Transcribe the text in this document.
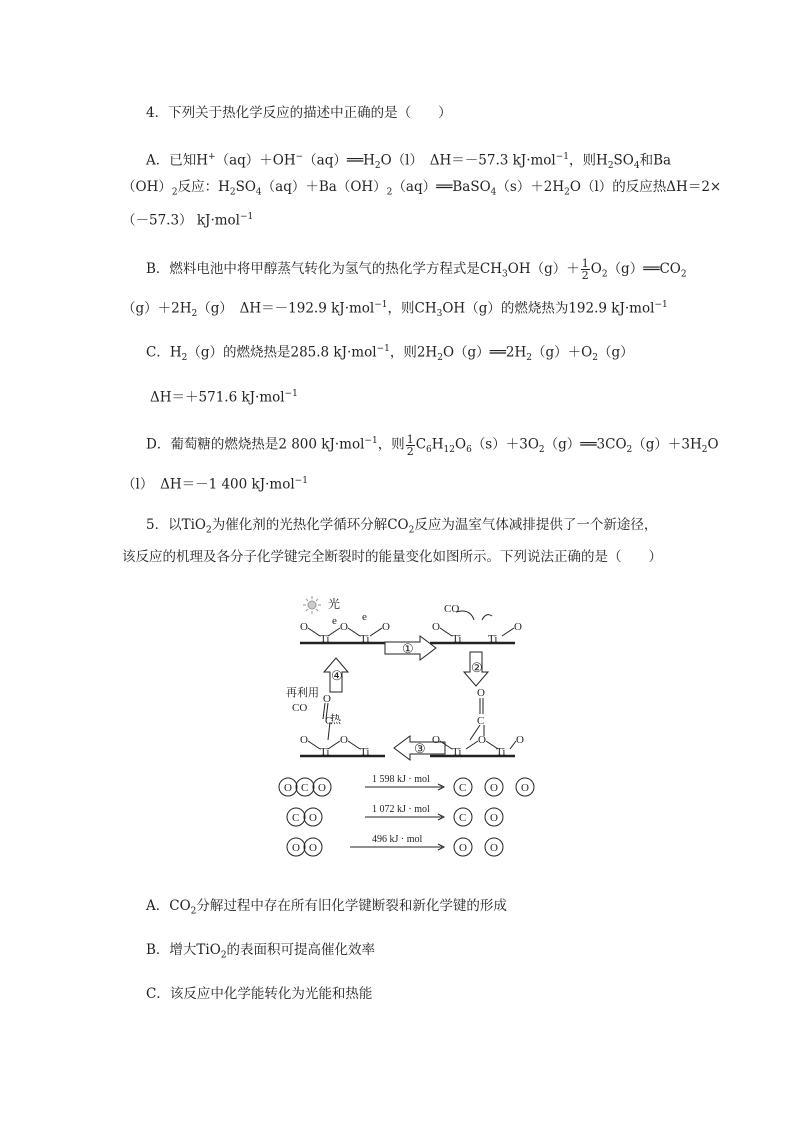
4．下列关于热化学反应的描述中正确的是（　　）
A．已知$H^+(aq)+OH^-(aq)══H_2O(l)$　ΔH＝－57.3 kJ·mol$^{-1}$，则$H_2SO_4$和Ba
$(OH)_2$反应：$H_2SO_4(aq)+Ba(OH)_2(aq)══BaSO_4(s)+2H_2O(l)$的反应热ΔH＝2×
（－57.3） kJ·mol$^{-1}$
B．燃料电池中将甲醇蒸气转化为氢气的热化学方程式是$CH_3OH(g)+ \frac{1}{2}$ $O_2(g)══CO_2$
$(g)+2H_2(g)$　ΔH＝－192.9 kJ·mol$^{-1}$，则$CH_3OH(g)$的燃烧热为192.9 kJ·mol$^{-1}$
C．$H_2(g)$的燃烧热是285.8 kJ·mol$^{-1}$，则$2H_2O(g)══2H_2(g)+O_2(g)$
ΔH＝＋571.6 kJ·mol$^{-1}$
D．葡萄糖的燃烧热是2 800 kJ·mol$^{-1}$，则 $\frac{1}{2}$ $C_6H_{12}O_6(s)+3O_2(g)══3CO_2(g)+3H_2O$
（l）　ΔH＝－1 400 kJ·mol$^{-1}$
5．以TiO$_2$为催化剂的光热化学循环分解$CO_2$反应为温室气体减排提供了一个新途径，
该反应的机理及各分子化学键完全断裂时的能量变化如图所示。下列说法正确的是（　　）
光
再利用
热
CO
CO
e e
O
Ti
O
Ti
O	O
Ti Ti
O
O
C
O
Ti
O
Ti
O
O
Ti
O
Ti
C
O
①
②
③
④
O C O	C O O
C O	C O
O O	O O
1 598 kJ · mol
1 072 kJ · mol
496 kJ · mol
A．$CO_2$分解过程中存在所有旧化学键断裂和新化学键的形成
B．增大TiO$_2$的表面积可提高催化效率
C．该反应中化学能转化为光能和热能
